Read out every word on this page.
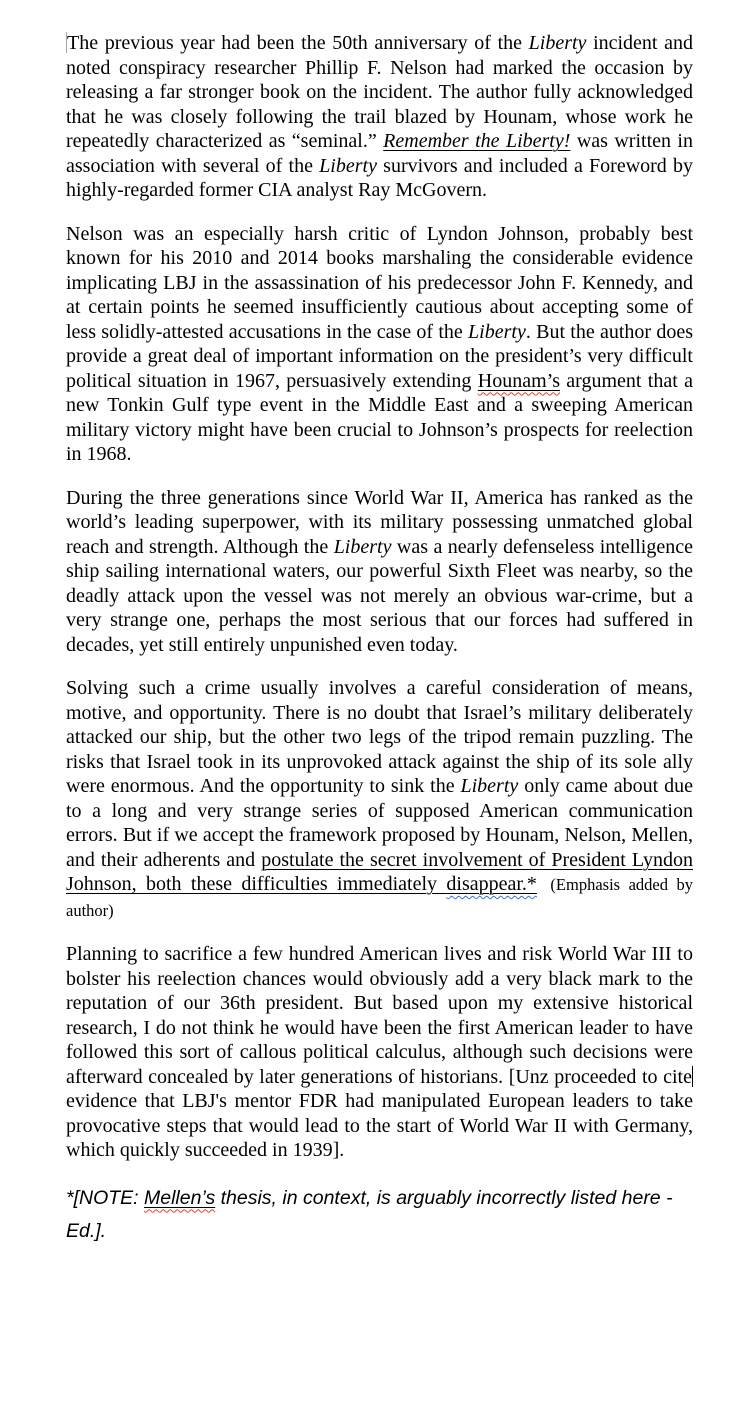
The previous year had been the 50th anniversary of the Liberty incident and noted conspiracy researcher Phillip F. Nelson had marked the occasion by releasing a far stronger book on the incident. The author fully acknowledged that he was closely following the trail blazed by Hounam, whose work he repeatedly characterized as “seminal.” Remember the Liberty! was written in association with several of the Liberty survivors and included a Foreword by highly-regarded former CIA analyst Ray McGovern.

Nelson was an especially harsh critic of Lyndon Johnson, probably best known for his 2010 and 2014 books marshaling the considerable evidence implicating LBJ in the assassination of his predecessor John F. Kennedy, and at certain points he seemed insufficiently cautious about accepting some of less solidly-attested accusations in the case of the Liberty. But the author does provide a great deal of important information on the president’s very difficult political situation in 1967, persuasively extending Hounam’s argument that a new Tonkin Gulf type event in the Middle East and a sweeping American military victory might have been crucial to Johnson’s prospects for reelection in 1968.

During the three generations since World War II, America has ranked as the world’s leading superpower, with its military possessing unmatched global reach and strength. Although the Liberty was a nearly defenseless intelligence ship sailing international waters, our powerful Sixth Fleet was nearby, so the deadly attack upon the vessel was not merely an obvious war-crime, but a very strange one, perhaps the most serious that our forces had suffered in decades, yet still entirely unpunished even today.

Solving such a crime usually involves a careful consideration of means, motive, and opportunity. There is no doubt that Israel’s military deliberately attacked our ship, but the other two legs of the tripod remain puzzling. The risks that Israel took in its unprovoked attack against the ship of its sole ally were enormous. And the opportunity to sink the Liberty only came about due to a long and very strange series of supposed American communication errors. But if we accept the framework proposed by Hounam, Nelson, Mellen, and their adherents and postulate the secret involvement of President Lyndon Johnson, both these difficulties immediately disappear.* (Emphasis added by author)

Planning to sacrifice a few hundred American lives and risk World War III to bolster his reelection chances would obviously add a very black mark to the reputation of our 36th president. But based upon my extensive historical research, I do not think he would have been the first American leader to have followed this sort of callous political calculus, although such decisions were afterward concealed by later generations of historians. [Unz proceeded to cite evidence that LBJ's mentor FDR had manipulated European leaders to take provocative steps that would lead to the start of World War II with Germany, which quickly succeeded in 1939].

*[NOTE: Mellen’s thesis, in context, is arguably incorrectly listed here - Ed.].
